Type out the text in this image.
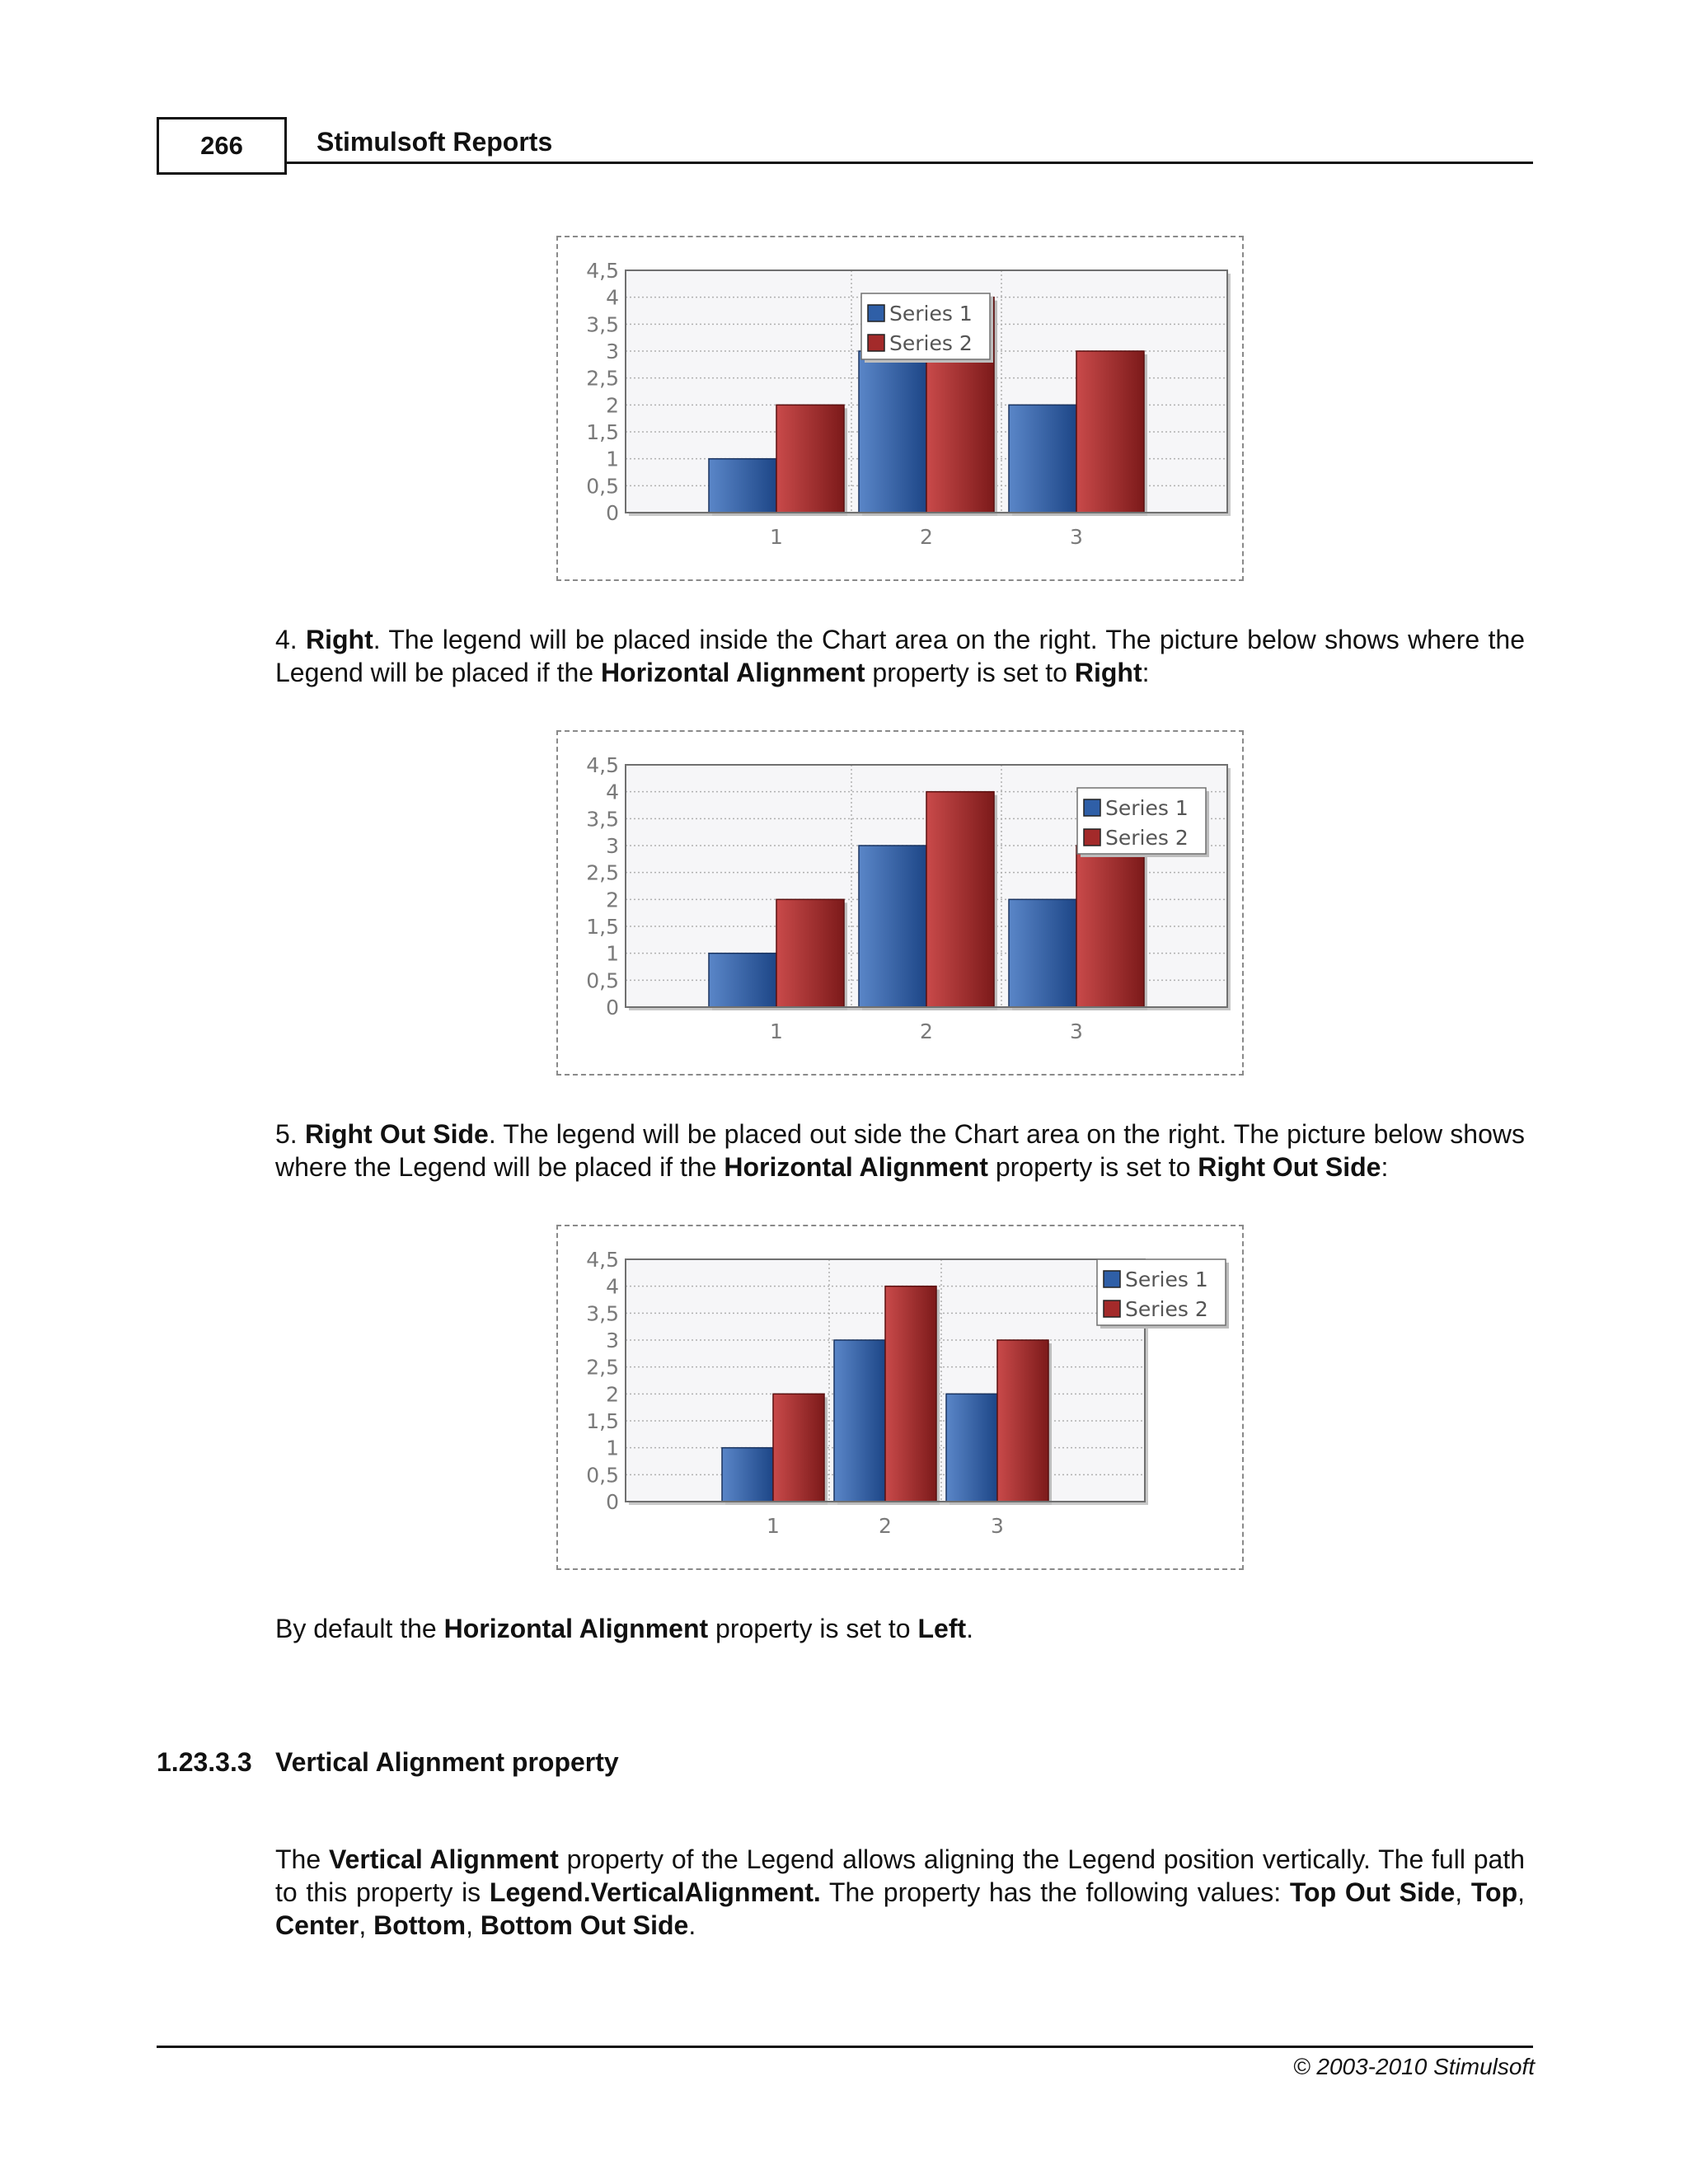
266	Stimulsoft Reports
0
0,5
1
1,5
2
2,5
3
3,5
4
4,5
1	2	3
Series 1
Series 2

4. Right. The legend will be placed inside the Chart area on the right. The picture below shows where the Legend will be placed if the Horizontal Alignment property is set to Right:

0
0,5
1
1,5
2
2,5
3
3,5
4
4,5
1	2	3
Series 1
Series 2

5. Right Out Side. The legend will be placed out side the Chart area on the right. The picture below shows where the Legend will be placed if the Horizontal Alignment property is set to Right Out Side:

0
0,5
1
1,5
2
2,5
3
3,5
4
4,5
1	2	3
Series 1
Series 2

By default the Horizontal Alignment property is set to Left.

1.23.3.3 Vertical Alignment property

The Vertical Alignment property of the Legend allows aligning the Legend position vertically. The full path to this property is Legend.VerticalAlignment. The property has the following values: Top Out Side, Top, Center, Bottom, Bottom Out Side.

© 2003-2010 Stimulsoft
